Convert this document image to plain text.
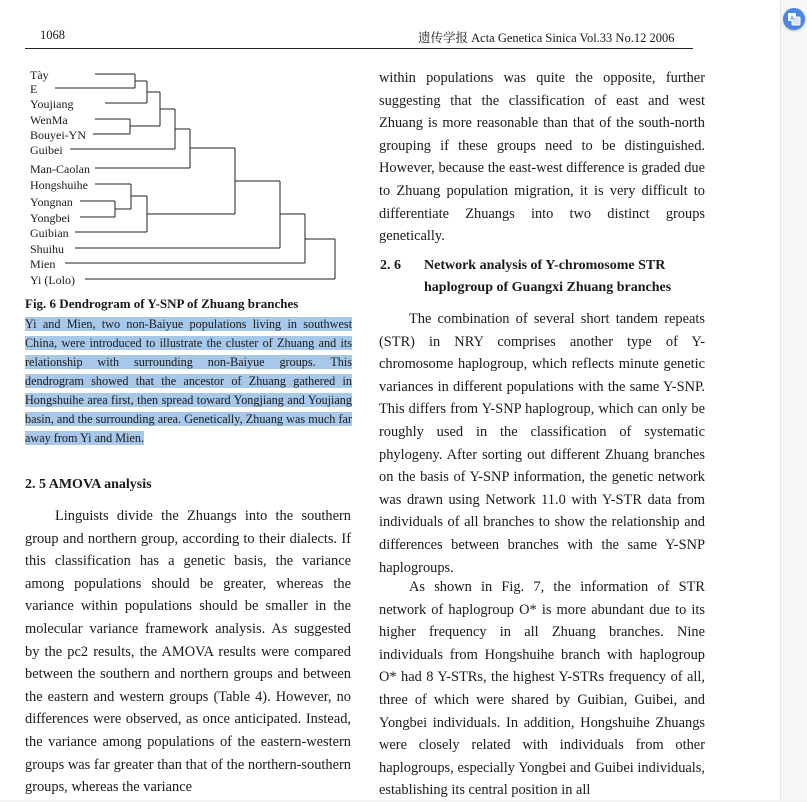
1068	遗传学报 Acta Genetica Sinica Vol.33 No.12 2006
Tày
E
Youjiang
WenMa
Bouyei-YN
Guibei
Man-Caolan
Hongshuihe
Yongnan
Yongbei
Guibian
Shuihu
Mien
Yi (Lolo)
Fig. 6 Dendrogram of Y-SNP of Zhuang branches
Yi and Mien, two non-Baiyue populations living in southwest China, were introduced to illustrate the cluster of Zhuang and its relationship with surrounding non-Baiyue groups. This dendrogram showed that the ancestor of Zhuang gathered in Hongshuihe area first, then spread toward Yongjiang and Youjiang basin, and the surrounding area. Genetically, Zhuang was much far away from Yi and Mien.
2. 5 AMOVA analysis

Linguists divide the Zhuangs into the southern group and northern group, according to their dialects. If this classification has a genetic basis, the variance among populations should be greater, whereas the variance within populations should be smaller in the molecular variance framework analysis. As suggested by the pc2 results, the AMOVA results were compared between the southern and northern groups and between the eastern and western groups (Table 4). However, no differences were observed, as once anticipated. Instead, the variance among populations of the eastern-western groups was far greater than that of the northern-southern groups, whereas the variance

within populations was quite the opposite, further suggesting that the classification of east and west Zhuang is more reasonable than that of the south-north grouping if these groups need to be distinguished. However, because the east-west difference is graded due to Zhuang population migration, it is very difficult to differentiate Zhuangs into two distinct groups genetically.

2. 6 Network analysis of Y-chromosome STR
haplogroup of Guangxi Zhuang branches

The combination of several short tandem repeats (STR) in NRY comprises another type of Y-chromosome haplogroup, which reflects minute genetic variances in different populations with the same Y-SNP. This differs from Y-SNP haplogroup, which can only be roughly used in the classification of systematic phylogeny. After sorting out different Zhuang branches on the basis of Y-SNP information, the genetic network was drawn using Network 11.0 with Y-STR data from individuals of all branches to show the relationship and differences between branches with the same Y-SNP haplogroups.

As shown in Fig. 7, the information of STR network of haplogroup O* is more abundant due to its higher frequency in all Zhuang branches. Nine individuals from Hongshuihe branch with haplogroup O* had 8 Y-STRs, the highest Y-STRs frequency of all, three of which were shared by Guibian, Guibei, and Yongbei individuals. In addition, Hongshuihe Zhuangs were closely related with individuals from other haplogroups, especially Yongbei and Guibei individuals, establishing its central position in all

A
